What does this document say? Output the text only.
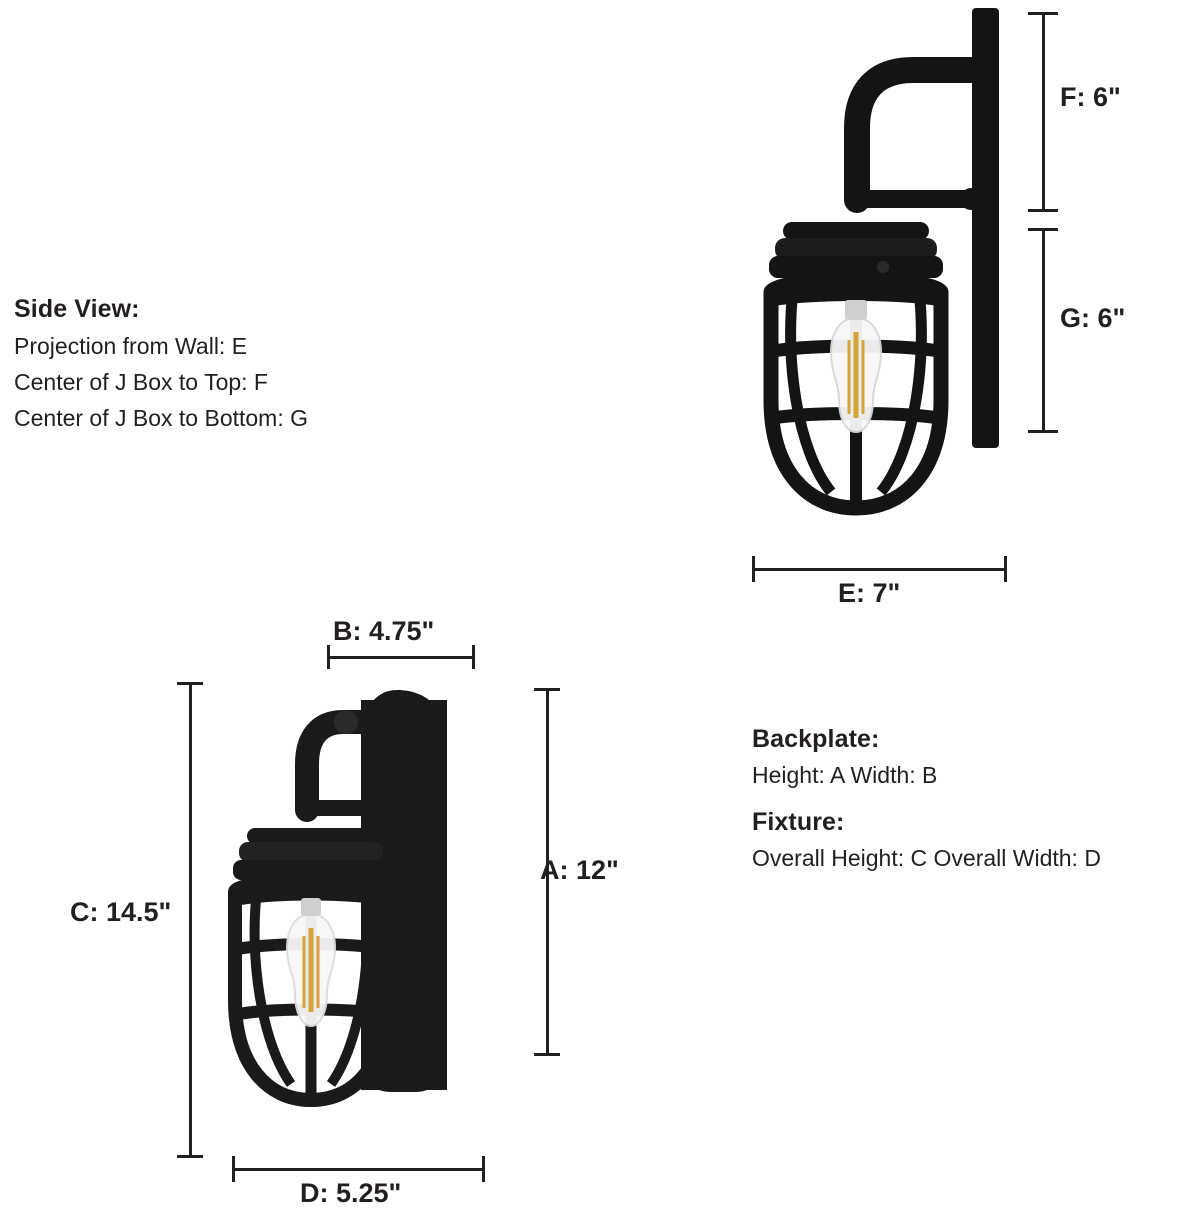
F: 6"
G: 6"
E: 7"
Side View:
Projection from Wall: E
Center of J Box to Top: F
Center of J Box to Bottom: G
B: 4.75"
A: 12"
C: 14.5"
D: 5.25"
Backplate:
Height: A Width: B
Fixture:
Overall Height: C Overall Width: D
